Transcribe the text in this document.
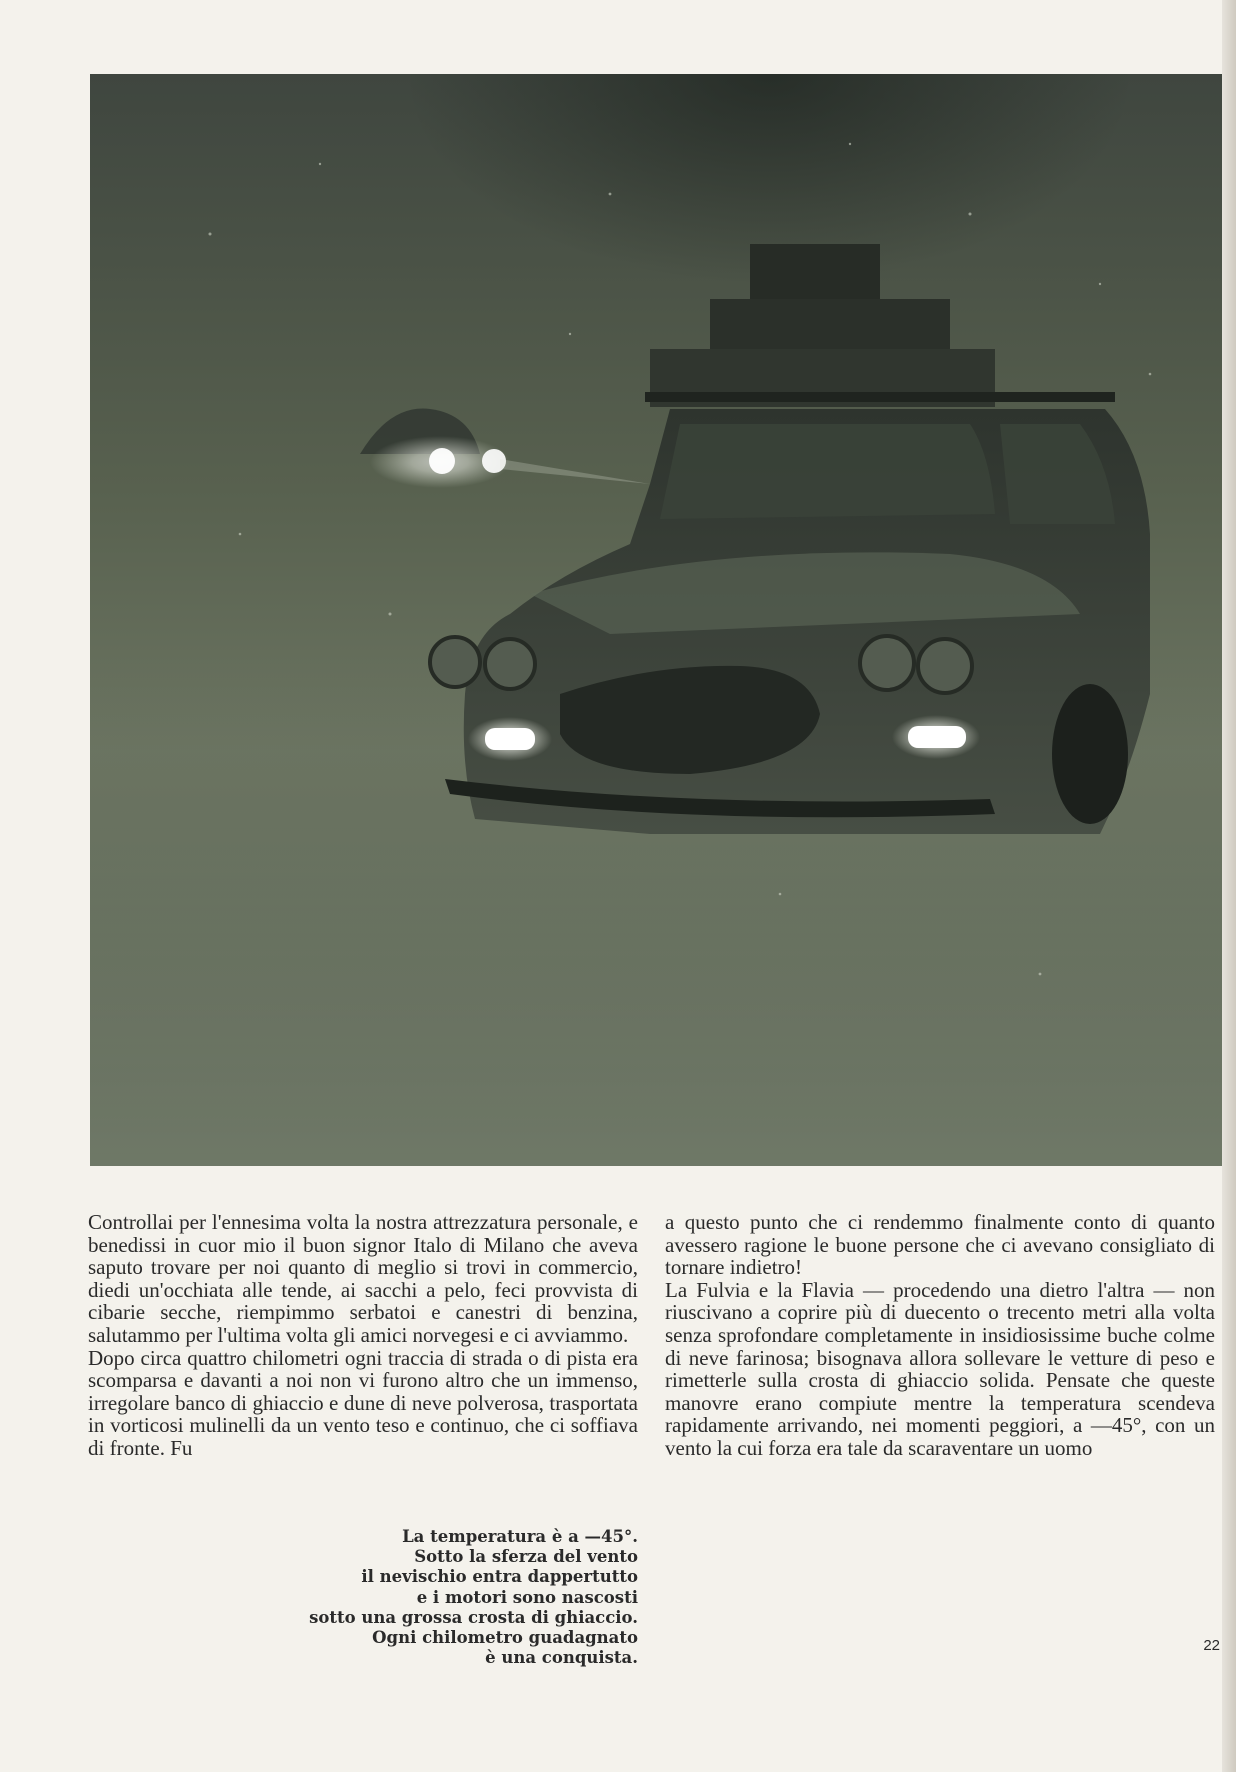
Controllai per l'ennesima volta la nostra attrezzatura personale, e benedissi in cuor mio il buon signor Italo di Milano che aveva saputo trovare per noi quanto di meglio si trovi in commercio, diedi un'occhiata alle tende, ai sacchi a pelo, feci provvista di cibarie secche, riempimmo serbatoi e canestri di benzina, salutammo per l'ultima volta gli amici norvegesi e ci avviammo.

Dopo circa quattro chilometri ogni traccia di strada o di pista era scomparsa e davanti a noi non vi furono altro che un immenso, irregolare banco di ghiaccio e dune di neve polverosa, trasportata in vorticosi mulinelli da un vento teso e continuo, che ci soffiava di fronte. Fu

a questo punto che ci rendemmo finalmente conto di quanto avessero ragione le buone persone che ci avevano consigliato di tornare indietro!

La Fulvia e la Flavia — procedendo una dietro l'altra — non riuscivano a coprire più di duecento o trecento metri alla volta senza sprofondare completamente in insidiosissime buche colme di neve farinosa; bisognava allora sollevare le vetture di peso e rimetterle sulla crosta di ghiaccio solida. Pensate che queste manovre erano compiute mentre la temperatura scendeva rapidamente arrivando, nei momenti peggiori, a —45°, con un vento la cui forza era tale da scaraventare un uomo

La temperatura è a —45°.
Sotto la sferza del vento
il nevischio entra dappertutto
e i motori sono nascosti
sotto una grossa crosta di ghiaccio.
Ogni chilometro guadagnato
è una conquista.
22
